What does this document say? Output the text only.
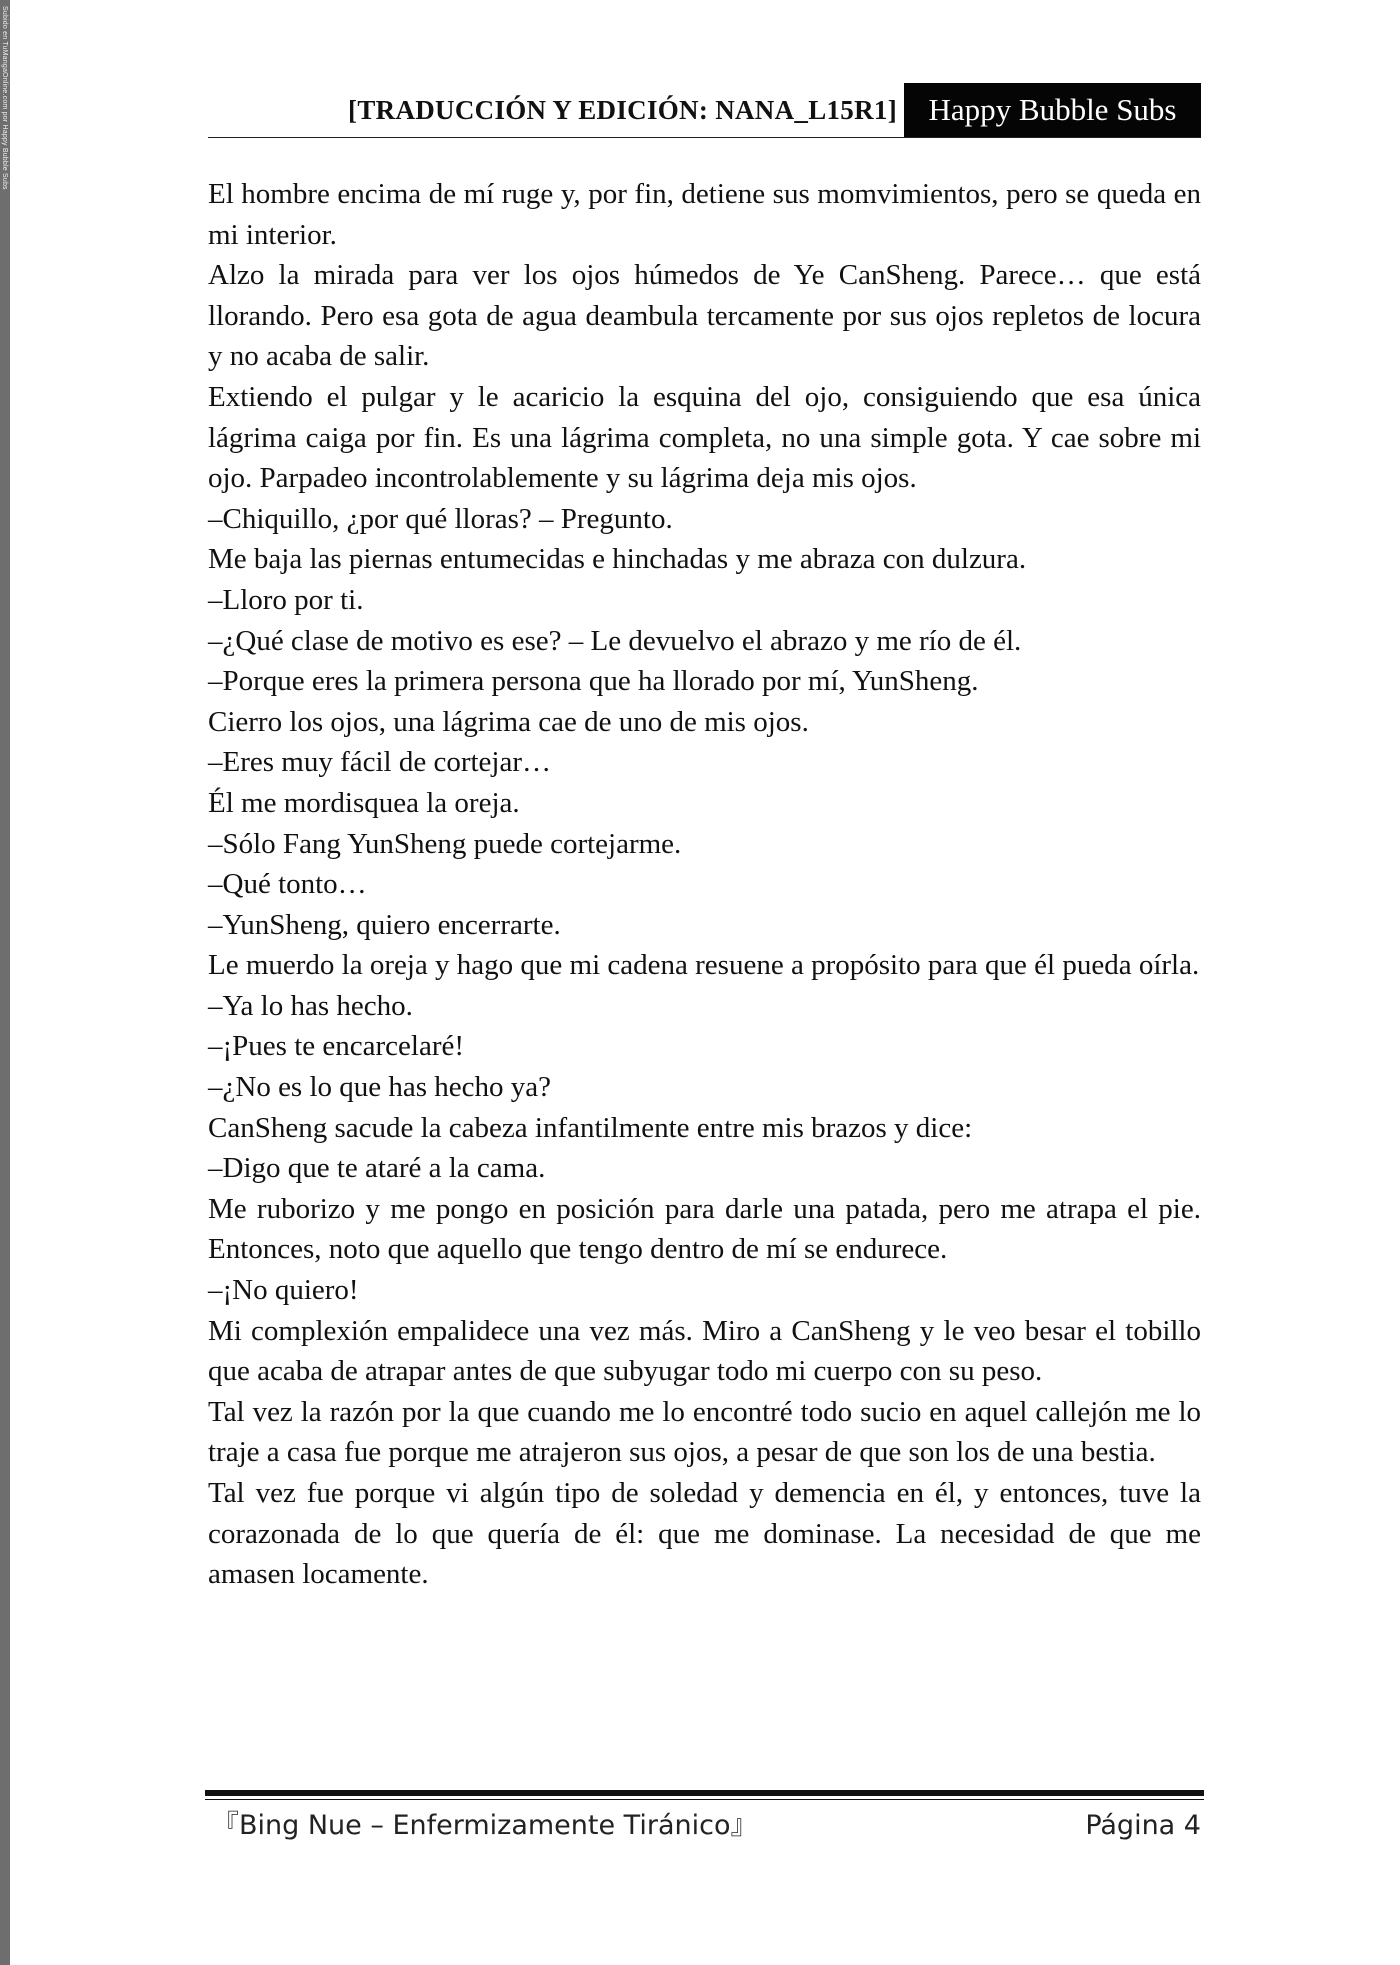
Subido en TuMangaOnline.com por Happy Bubble Subs	[TRADUCCIÓN Y EDICIÓN: NANA_L15R1]	Happy Bubble Subs

El hombre encima de mí ruge y, por fin, detiene sus momvimientos, pero se queda en mi interior.

Alzo la mirada para ver los ojos húmedos de Ye CanSheng. Parece… que está llorando. Pero esa gota de agua deambula tercamente por sus ojos repletos de locura y no acaba de salir.

Extiendo el pulgar y le acaricio la esquina del ojo, consiguiendo que esa única lágrima caiga por fin. Es una lágrima completa, no una simple gota. Y cae sobre mi ojo. Parpadeo incontrolablemente y su lágrima deja mis ojos.

–Chiquillo, ¿por qué lloras? – Pregunto.

Me baja las piernas entumecidas e hinchadas y me abraza con dulzura.

–Lloro por ti.

–¿Qué clase de motivo es ese? – Le devuelvo el abrazo y me río de él.

–Porque eres la primera persona que ha llorado por mí, YunSheng.

Cierro los ojos, una lágrima cae de uno de mis ojos.

–Eres muy fácil de cortejar…

Él me mordisquea la oreja.

–Sólo Fang YunSheng puede cortejarme.

–Qué tonto…

–YunSheng, quiero encerrarte.

Le muerdo la oreja y hago que mi cadena resuene a propósito para que él pueda oírla.

–Ya lo has hecho.

–¡Pues te encarcelaré!

–¿No es lo que has hecho ya?

CanSheng sacude la cabeza infantilmente entre mis brazos y dice:

–Digo que te ataré a la cama.

Me ruborizo y me pongo en posición para darle una patada, pero me atrapa el pie. Entonces, noto que aquello que tengo dentro de mí se endurece.

–¡No quiero!

Mi complexión empalidece una vez más. Miro a CanSheng y le veo besar el tobillo que acaba de atrapar antes de que subyugar todo mi cuerpo con su peso.

Tal vez la razón por la que cuando me lo encontré todo sucio en aquel callejón me lo traje a casa fue porque me atrajeron sus ojos, a pesar de que son los de una bestia.

Tal vez fue porque vi algún tipo de soledad y demencia en él, y entonces, tuve la corazonada de lo que quería de él: que me dominase. La necesidad de que me amasen locamente.

『Bing Nue – Enfermizamente Tiránico』	Página 4
